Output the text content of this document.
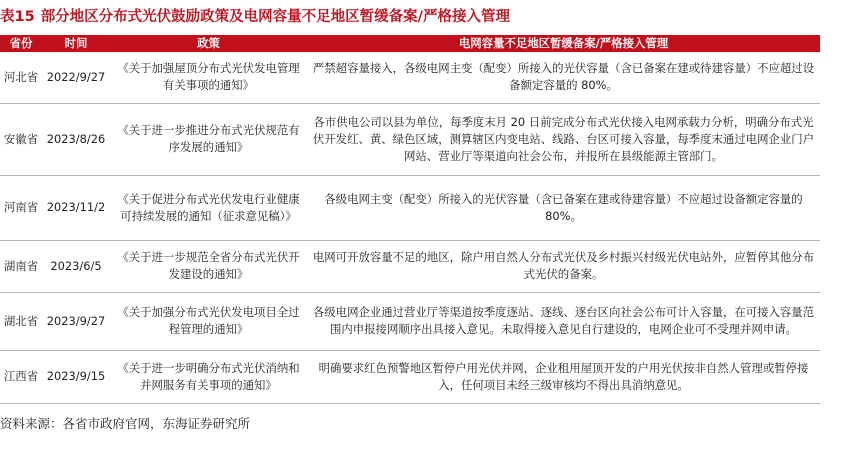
表15 部分地区分布式光伏鼓励政策及电网容量不足地区暂缓备案/严格接入管理
省份	时间	政策	电网容量不足地区暂缓备案/严格接入管理
河北省	2022/9/27	《关于加强屋顶分布式光伏发电管理有关事项的通知》	严禁超容量接入，各级电网主变（配变）所接入的光伏容量（含已备案在建或待建容量）不应超过设备额定容量的 80%。
安徽省	2023/8/26	《关于进一步推进分布式光伏规范有序发展的通知》	各市供电公司以县为单位，每季度末月 20 日前完成分布式光伏接入电网承载力分析，明确分布式光伏开发红、黄、绿色区域，测算辖区内变电站、线路、台区可接入容量，每季度末通过电网企业门户网站、营业厅等渠道向社会公布，并报所在县级能源主管部门。
河南省	2023/11/2	《关于促进分布式光伏发电行业健康可持续发展的通知（征求意见稿）》	各级电网主变（配变）所接入的光伏容量（含已备案在建或待建容量）不应超过设备额定容量的 80%。
湖南省	2023/6/5	《关于进一步规范全省分布式光伏开发建设的通知》	电网可开放容量不足的地区，除户用自然人分布式光伏及乡村振兴村级光伏电站外，应暂停其他分布式光伏的备案。
湖北省	2023/9/27	《关于加强分布式光伏发电项目全过程管理的通知》	各级电网企业通过营业厅等渠道按季度逐站、逐线、逐台区向社会公布可计入容量，在可接入容量范围内申报接网顺序出具接入意见。未取得接入意见自行建设的，电网企业可不受理并网申请。
江西省	2023/9/15	《关于进一步明确分布式光伏消纳和并网服务有关事项的通知》	明确要求红色预警地区暂停户用光伏并网，企业租用屋顶开发的户用光伏按非自然人管理或暂停接入，任何项目未经三级审核均不得出具消纳意见。
资料来源：各省市政府官网，东海证券研究所
